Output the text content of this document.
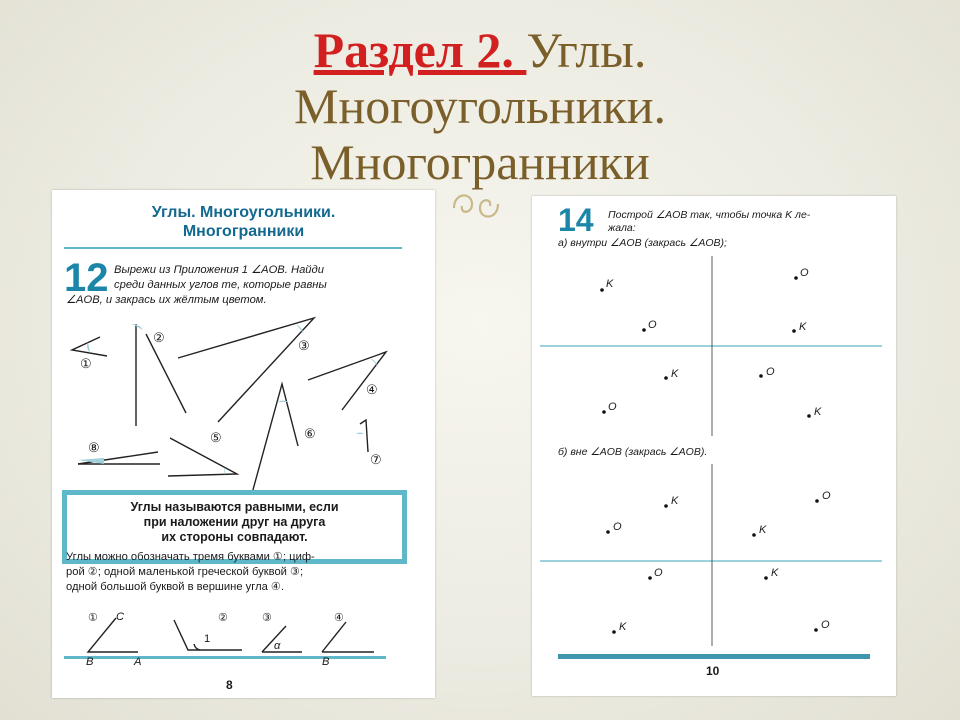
Раздел 2. Углы.
Многоугольники.
Многогранники
Углы. Многоугольники.
Многогранники
12 Вырежи из Приложения 1 ∠AOB. Найди
среди данных углов те, которые равны
∠AOB, и закрась их жёлтым цветом.
①
②
③
④
⑤	⑥
⑦
⑧
Углы называются равными, если
при наложении друг на друга
их стороны совпадают.
Углы можно обозначать тремя буквами ①; циф-
рой ②; одной маленькой греческой буквой ③;
одной большой буквой в вершине угла ④.
① C
B	A
②
1
③
α
④
B
8
14 Построй ∠AOB так, чтобы точка K ле-
жала:
а) внутри ∠AOB (закрась ∠AOB);
б) вне ∠AOB (закрась ∠AOB).
K
O
O	K
K	O
O	K
K	O
O	K
O	K
K	O
10
